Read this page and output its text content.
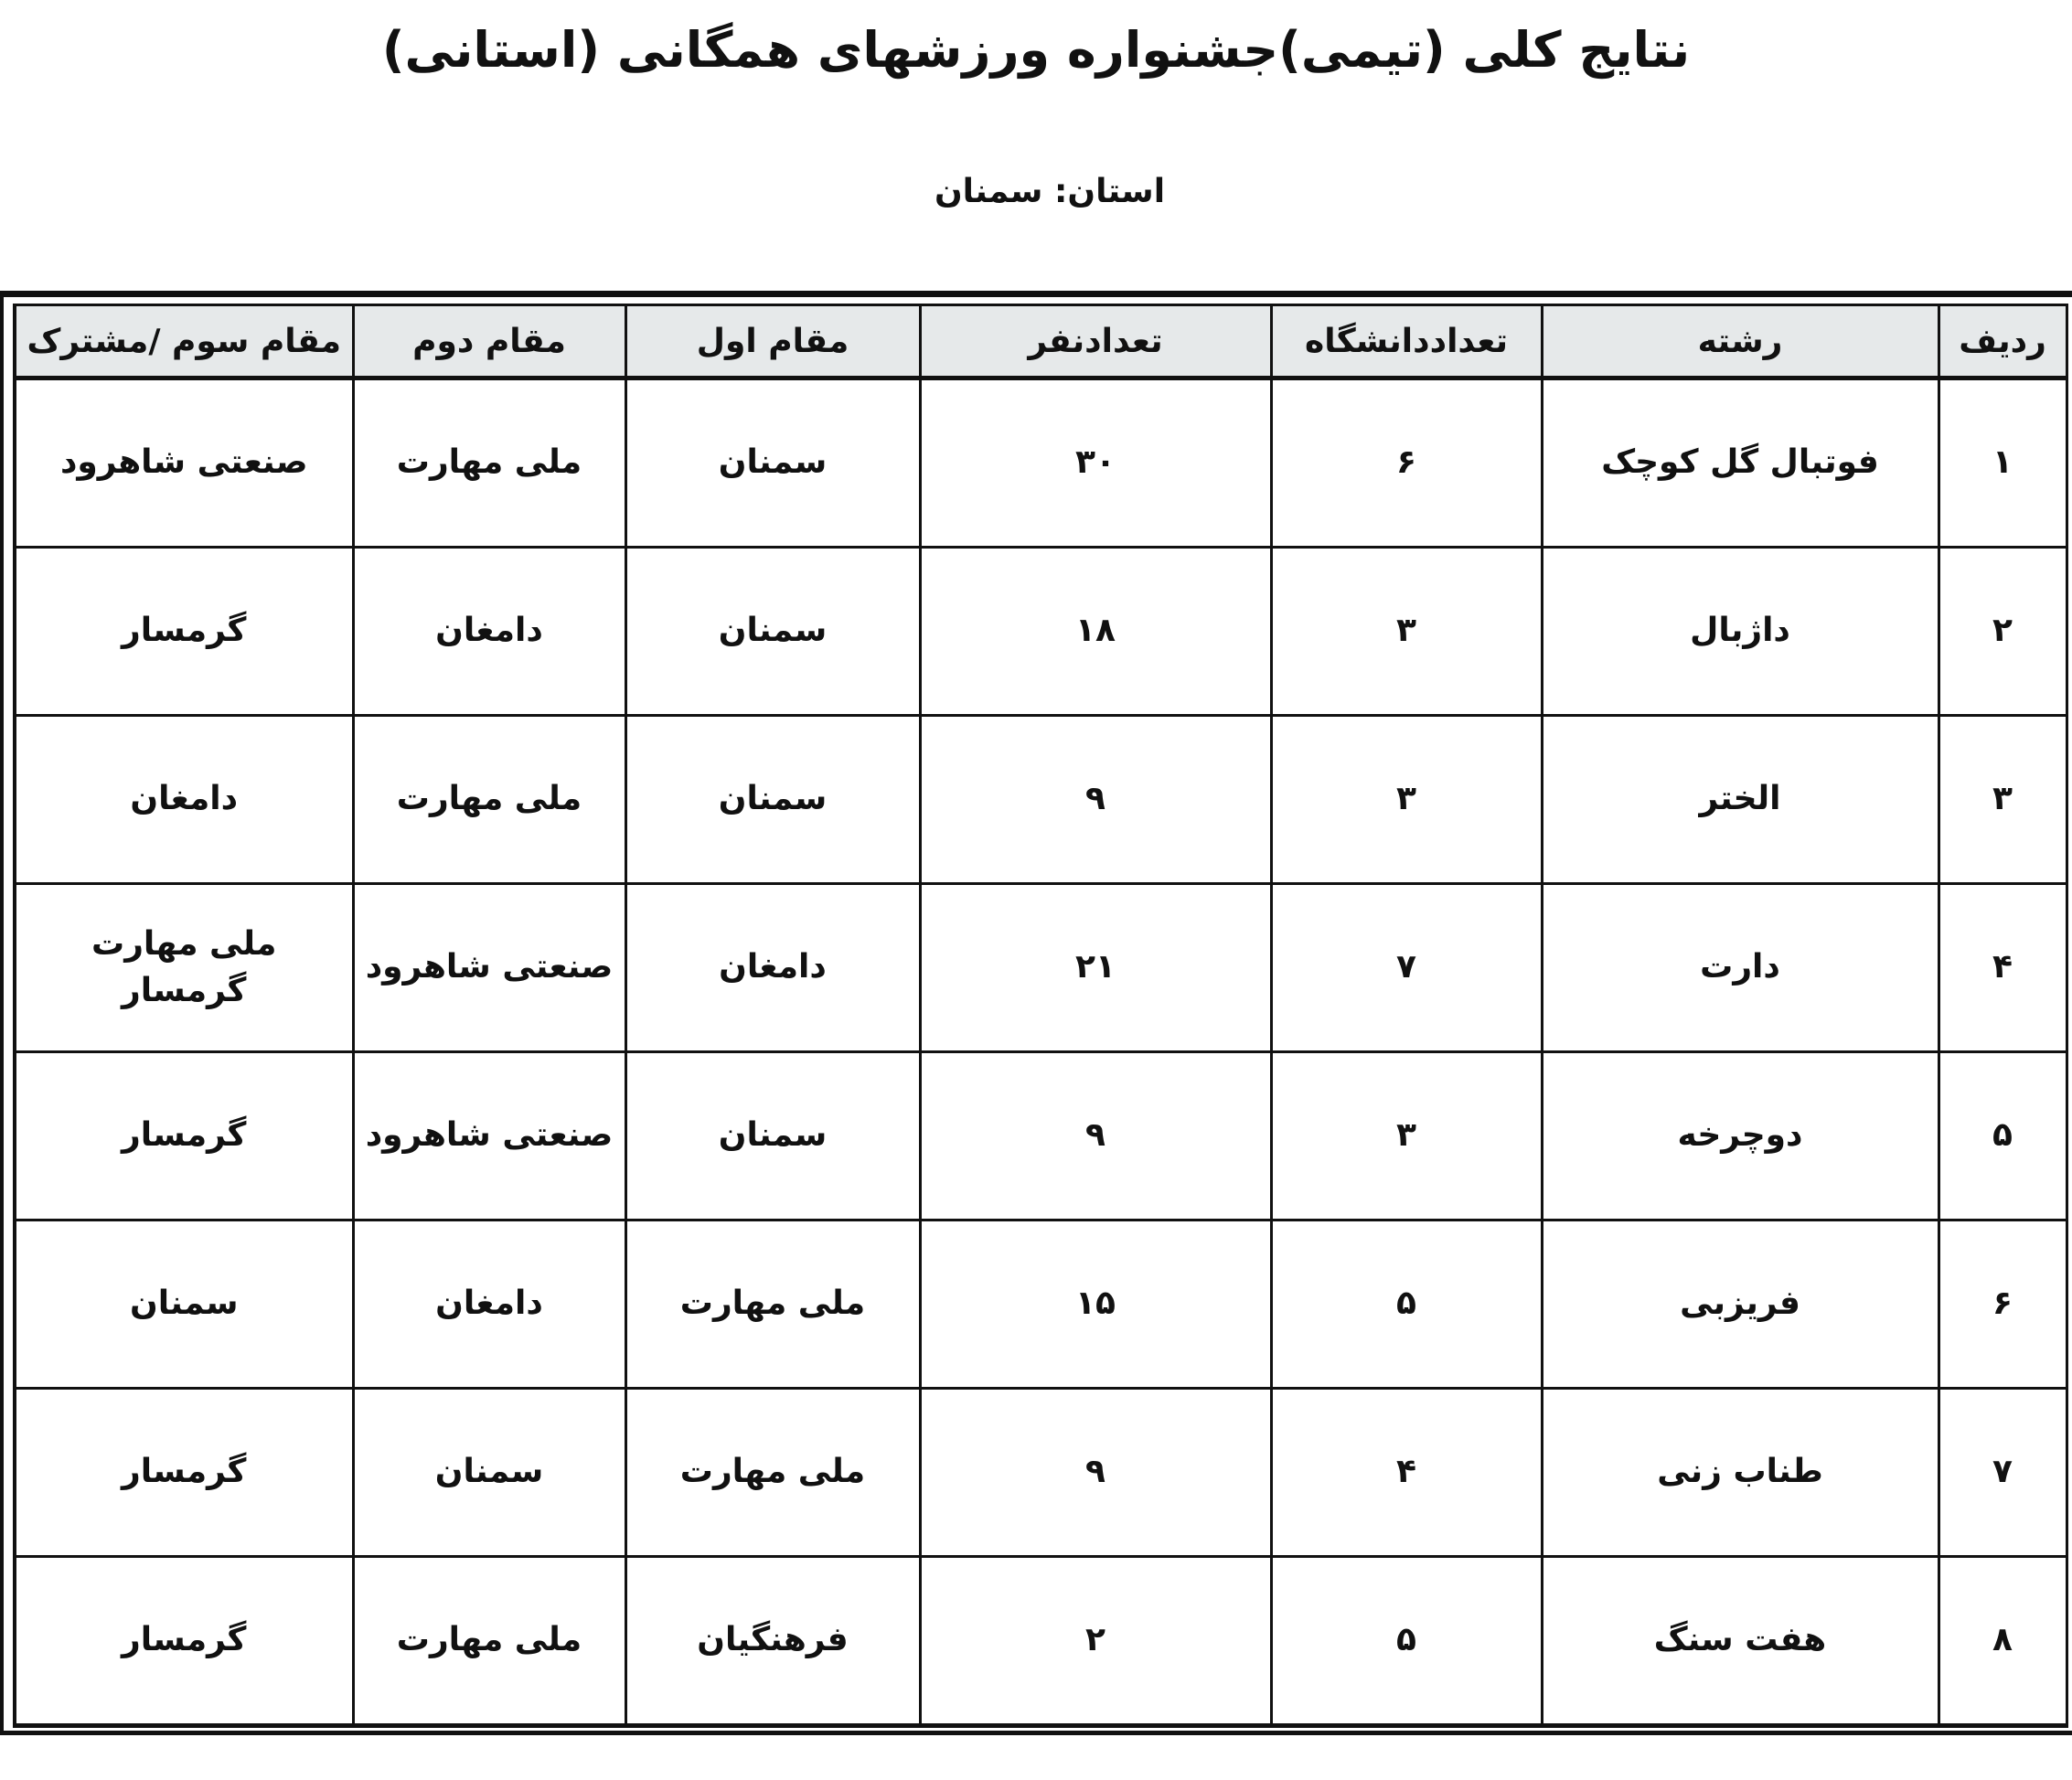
نتایج کلی (تیمی)جشنواره ورزشهای همگانی (استانی)
استان: سمنان
ردیف	رشته	تعداددانشگاه	تعدادنفر	مقام اول	مقام دوم	مقام سوم /مشترک
۱	فوتبال گل کوچک	۶	۳۰	سمنان	ملی مهارت	صنعتی شاهرود

۲	داژبال	۳	۱۸	سمنان	دامغان	گرمسار

۳	الختر	۳	۹	سمنان	ملی مهارت	دامغان

۴	دارت	۷	۲۱	دامغان	صنعتی شاهرود	ملی مهارت
گرمسار

۵	دوچرخه	۳	۹	سمنان	صنعتی شاهرود	گرمسار

۶	فریزبی	۵	۱۵	ملی مهارت	دامغان	سمنان

۷	طناب زنی	۴	۹	ملی مهارت	سمنان	گرمسار

۸	هفت سنگ	۵	۲	فرهنگیان	ملی مهارت	گرمسار
